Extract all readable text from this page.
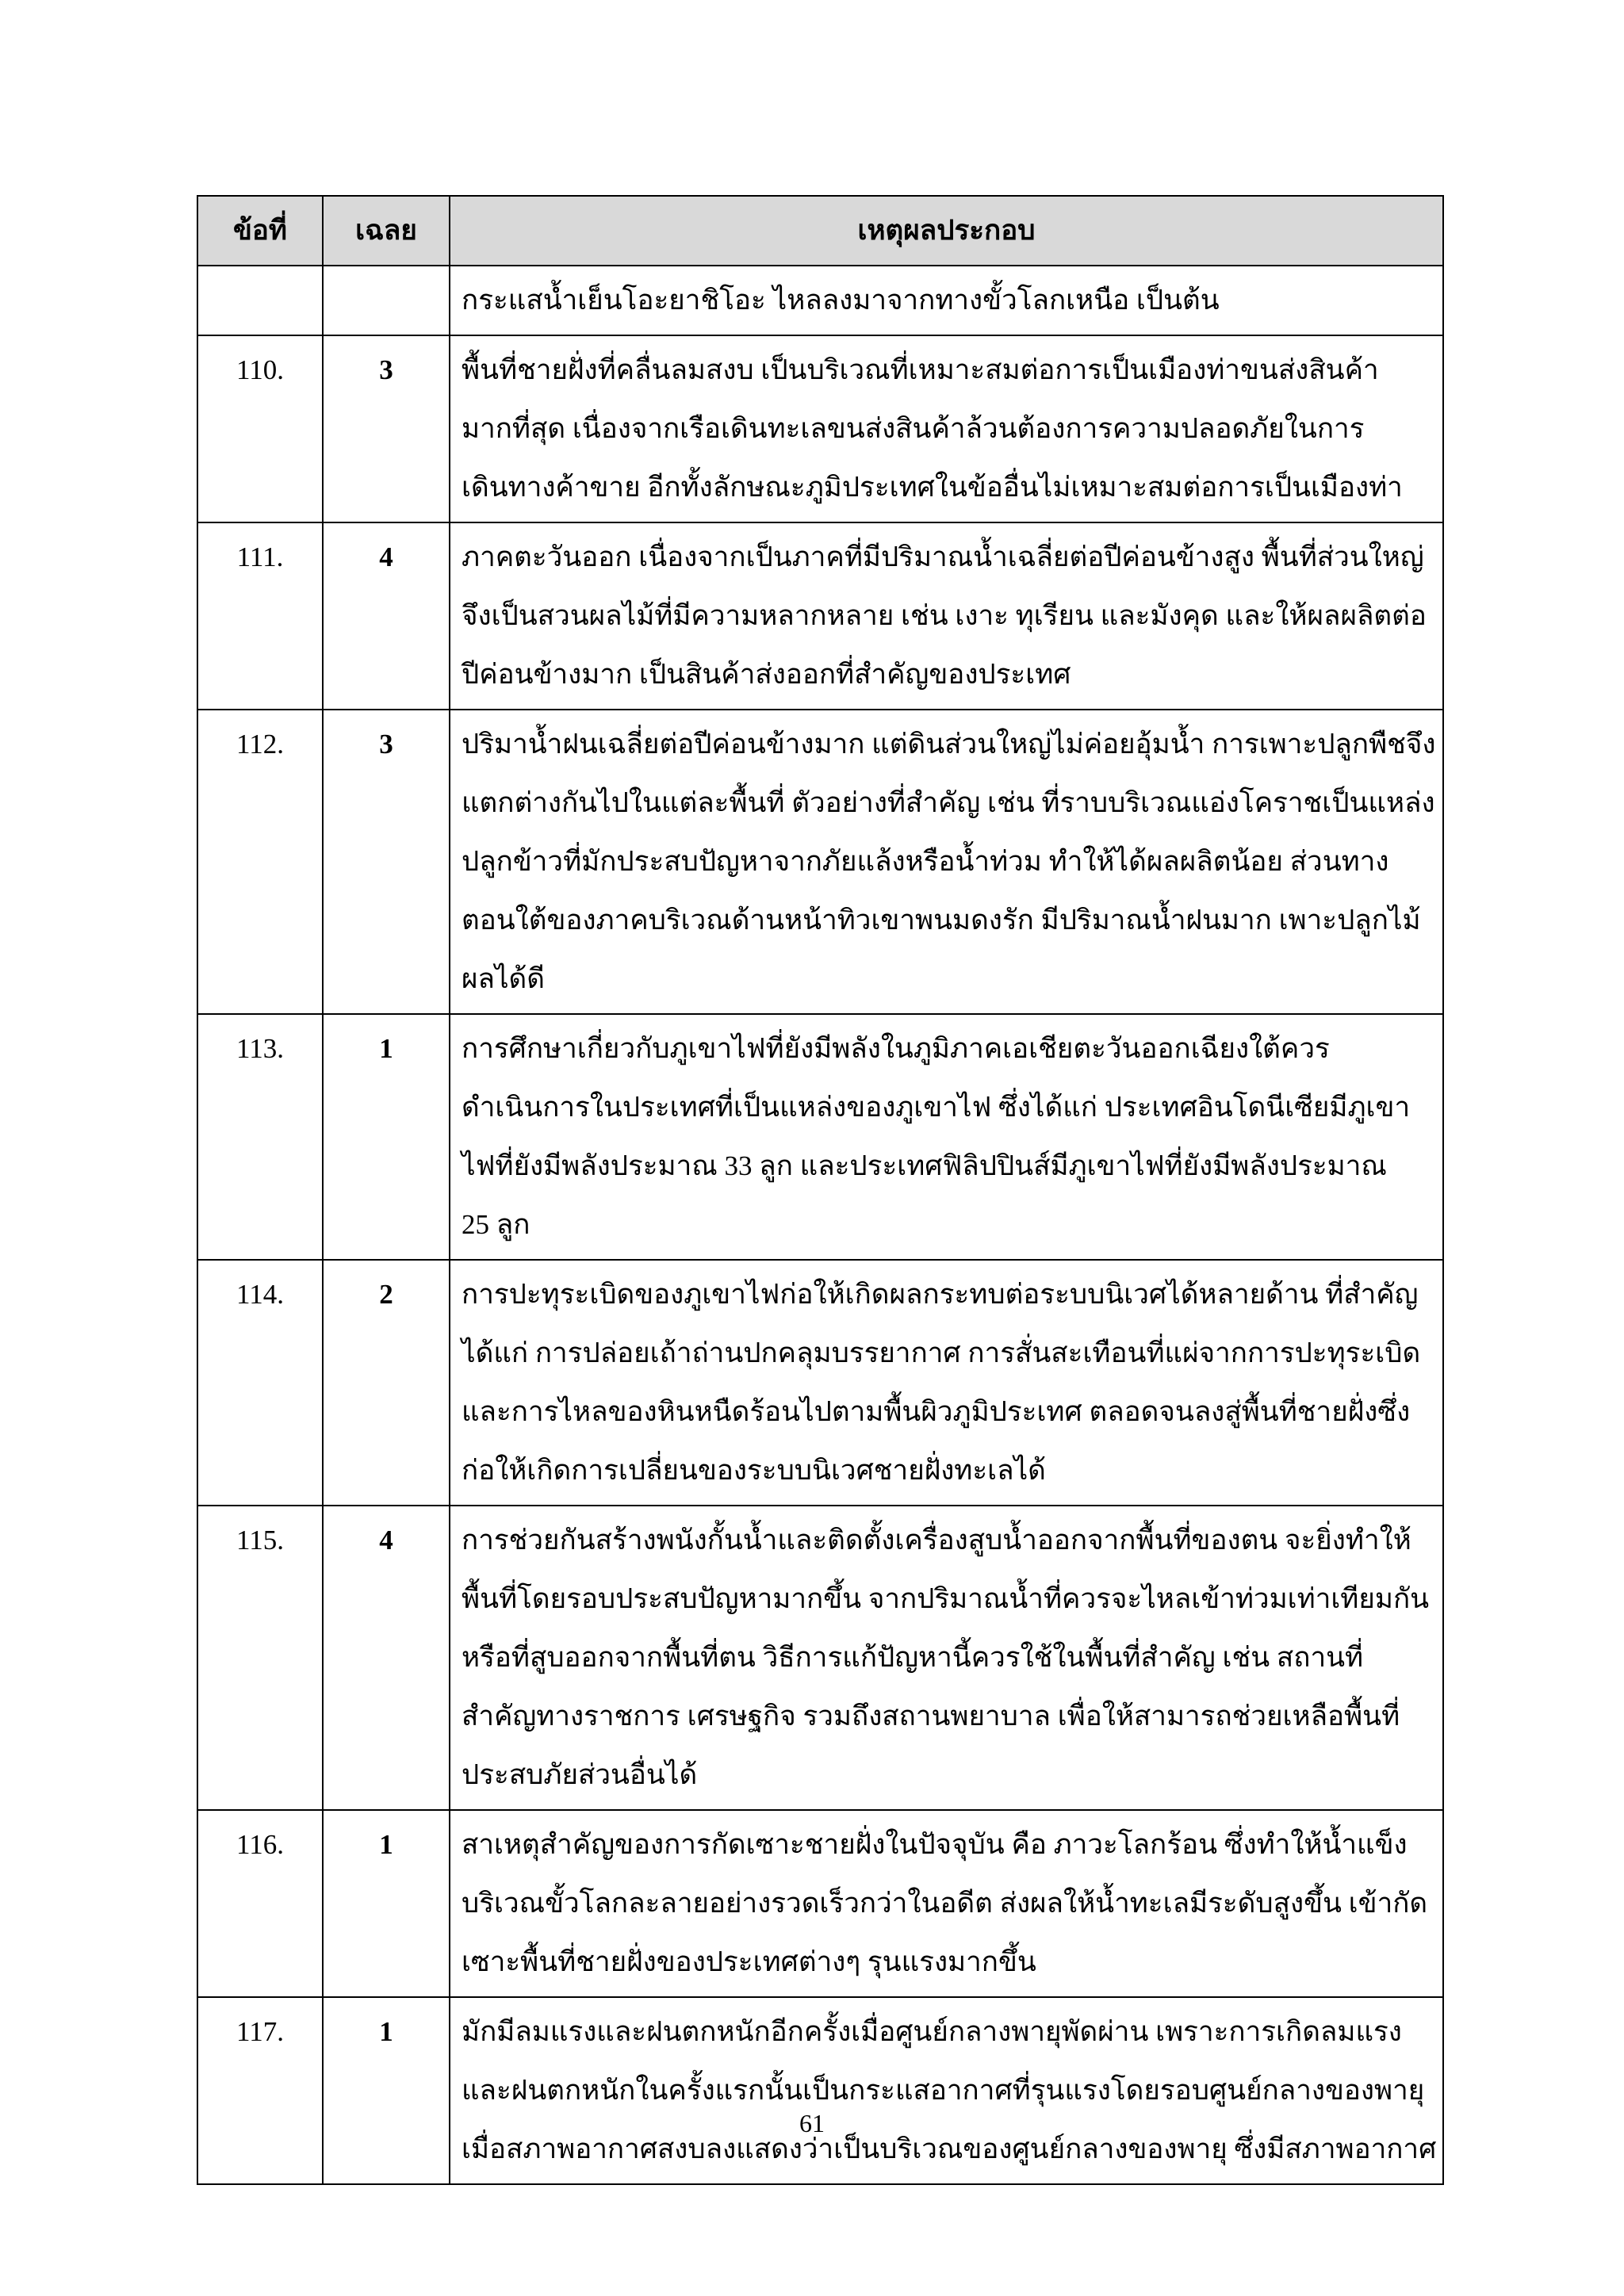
ข้อที่	เฉลย	เหตุผลประกอบ

		กระแสน้ำเย็นโอะยาชิโอะ ไหลลงมาจากทางขั้วโลกเหนือ เป็นต้น

110.	3	พื้นที่ชายฝั่งที่คลื่นลมสงบ เป็นบริเวณที่เหมาะสมต่อการเป็นเมืองท่าขนส่งสินค้า
มากที่สุด เนื่องจากเรือเดินทะเลขนส่งสินค้าล้วนต้องการความปลอดภัยในการ
เดินทางค้าขาย อีกทั้งลักษณะภูมิประเทศในข้ออื่นไม่เหมาะสมต่อการเป็นเมืองท่า

111.	4	ภาคตะวันออก เนื่องจากเป็นภาคที่มีปริมาณน้ำเฉลี่ยต่อปีค่อนข้างสูง พื้นที่ส่วนใหญ่
จึงเป็นสวนผลไม้ที่มีความหลากหลาย เช่น เงาะ ทุเรียน และมังคุด และให้ผลผลิตต่อ
ปีค่อนข้างมาก เป็นสินค้าส่งออกที่สำคัญของประเทศ

112.	3	ปริมาน้ำฝนเฉลี่ยต่อปีค่อนข้างมาก แต่ดินส่วนใหญ่ไม่ค่อยอุ้มน้ำ การเพาะปลูกพืชจึง
แตกต่างกันไปในแต่ละพื้นที่ ตัวอย่างที่สำคัญ เช่น ที่ราบบริเวณแอ่งโคราชเป็นแหล่ง
ปลูกข้าวที่มักประสบปัญหาจากภัยแล้งหรือน้ำท่วม ทำให้ได้ผลผลิตน้อย ส่วนทาง
ตอนใต้ของภาคบริเวณด้านหน้าทิวเขาพนมดงรัก มีปริมาณน้ำฝนมาก เพาะปลูกไม้
ผลได้ดี

113.	1	การศึกษาเกี่ยวกับภูเขาไฟที่ยังมีพลังในภูมิภาคเอเชียตะวันออกเฉียงใต้ควร
ดำเนินการในประเทศที่เป็นแหล่งของภูเขาไฟ ซึ่งได้แก่ ประเทศอินโดนีเซียมีภูเขา
ไฟที่ยังมีพลังประมาณ 33 ลูก และประเทศฟิลิปปินส์มีภูเขาไฟที่ยังมีพลังประมาณ
25 ลูก

114.	2	การปะทุระเบิดของภูเขาไฟก่อให้เกิดผลกระทบต่อระบบนิเวศได้หลายด้าน ที่สำคัญ
ได้แก่ การปล่อยเถ้าถ่านปกคลุมบรรยากาศ การสั่นสะเทือนที่แผ่จากการปะทุระเบิด
และการไหลของหินหนืดร้อนไปตามพื้นผิวภูมิประเทศ ตลอดจนลงสู่พื้นที่ชายฝั่งซึ่ง
ก่อให้เกิดการเปลี่ยนของระบบนิเวศชายฝั่งทะเลได้

115.	4	การช่วยกันสร้างพนังกั้นน้ำและติดตั้งเครื่องสูบน้ำออกจากพื้นที่ของตน จะยิ่งทำให้
พื้นที่โดยรอบประสบปัญหามากขึ้น จากปริมาณน้ำที่ควรจะไหลเข้าท่วมเท่าเทียมกัน
หรือที่สูบออกจากพื้นที่ตน วิธีการแก้ปัญหานี้ควรใช้ในพื้นที่สำคัญ เช่น สถานที่
สำคัญทางราชการ เศรษฐกิจ รวมถึงสถานพยาบาล เพื่อให้สามารถช่วยเหลือพื้นที่
ประสบภัยส่วนอื่นได้

116.	1	สาเหตุสำคัญของการกัดเซาะชายฝั่งในปัจจุบัน คือ ภาวะโลกร้อน ซึ่งทำให้น้ำแข็ง
บริเวณขั้วโลกละลายอย่างรวดเร็วกว่าในอดีต ส่งผลให้น้ำทะเลมีระดับสูงขึ้น เข้ากัด
เซาะพื้นที่ชายฝั่งของประเทศต่างๆ รุนแรงมากขึ้น

117.	1	มักมีลมแรงและฝนตกหนักอีกครั้งเมื่อศูนย์กลางพายุพัดผ่าน เพราะการเกิดลมแรง
และฝนตกหนักในครั้งแรกนั้นเป็นกระแสอากาศที่รุนแรงโดยรอบศูนย์กลางของพายุ
เมื่อสภาพอากาศสงบลงแสดงว่าเป็นบริเวณของศูนย์กลางของพายุ ซึ่งมีสภาพอากาศ
61
